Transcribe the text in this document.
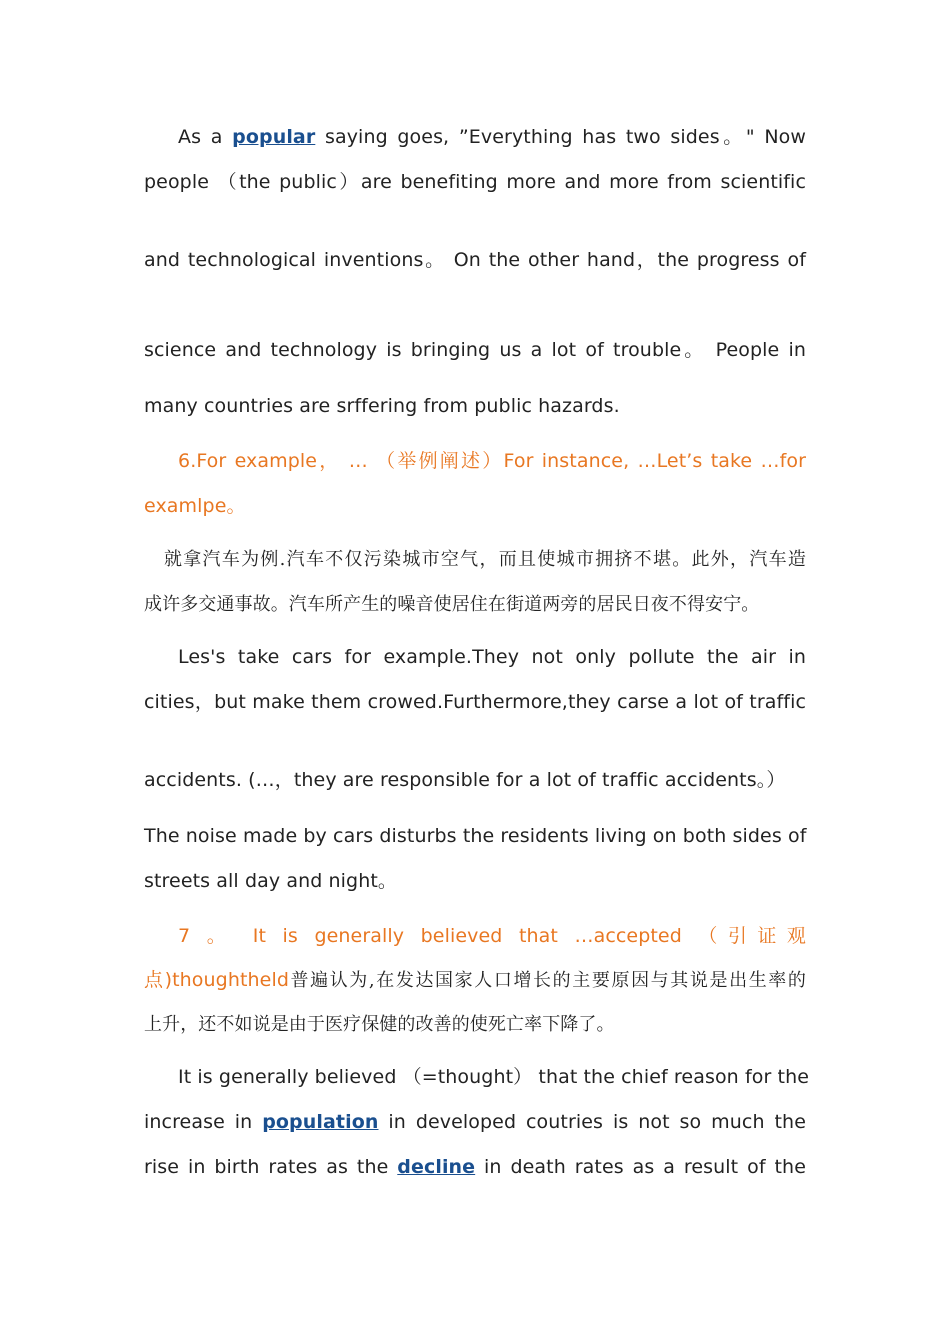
As a popular saying goes, ”Everything has two sides。" Now
people （the public）are benefiting more and more from scientific
and technological inventions。 On the other hand，the progress of
science and technology is bringing us a lot of trouble。 People in
many countries are srffering from public hazards.
6.For example， … （举例阐述）For instance, …Let’s take …for
examlpe。
就拿汽车为例.汽车不仅污染城市空气，而且使城市拥挤不堪。此外，汽车造
成许多交通事故。汽车所产生的噪音使居住在街道两旁的居民日夜不得安宁。
Les's take cars for example.They not only pollute the air in
cities，but make them crowed.Furthermore,they carse a lot of traffic
accidents. (…，they are responsible for a lot of traffic accidents。）
The noise made by cars disturbs the residents living on both sides of
streets all day and night。
7 。 It is generally believed that …accepted （引证观
点)thoughtheld普遍认为,在发达国家人口增长的主要原因与其说是出生率的
上升，还不如说是由于医疗保健的改善的使死亡率下降了。
It is generally believed （=thought） that the chief reason for the
increase in population in developed coutries is not so much the
rise in birth rates as the decline in death rates as a result of the
